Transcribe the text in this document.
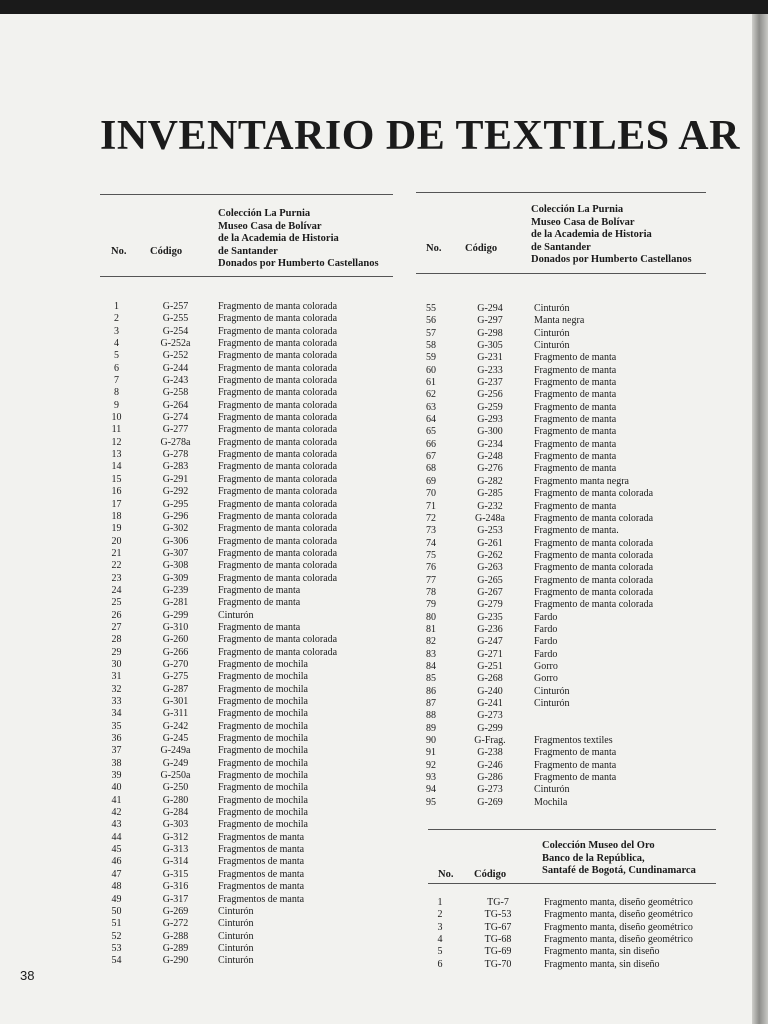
INVENTARIO DE TEXTILES AR
Colección La Purnia
Museo Casa de Bolívar
de la Academia de Historia
de Santander
Donados por Humberto Castellanos
No. Código
1	G-257	Fragmento de manta colorada
2	G-255	Fragmento de manta colorada
3	G-254	Fragmento de manta colorada
4	G-252a	Fragmento de manta colorada
5	G-252	Fragmento de manta colorada
6	G-244	Fragmento de manta colorada
7	G-243	Fragmento de manta colorada
8	G-258	Fragmento de manta colorada
9	G-264	Fragmento de manta colorada
10	G-274	Fragmento de manta colorada
11	G-277	Fragmento de manta colorada
12	G-278a	Fragmento de manta colorada
13	G-278	Fragmento de manta colorada
14	G-283	Fragmento de manta colorada
15	G-291	Fragmento de manta colorada
16	G-292	Fragmento de manta colorada
17	G-295	Fragmento de manta colorada
18	G-296	Fragmento de manta colorada
19	G-302	Fragmento de manta colorada
20	G-306	Fragmento de manta colorada
21	G-307	Fragmento de manta colorada
22	G-308	Fragmento de manta colorada
23	G-309	Fragmento de manta colorada
24	G-239	Fragmento de manta
25	G-281	Fragmento de manta
26	G-299	Cinturón
27	G-310	Fragmento de manta
28	G-260	Fragmento de manta colorada
29	G-266	Fragmento de manta colorada
30	G-270	Fragmento de mochila
31	G-275	Fragmento de mochila
32	G-287	Fragmento de mochila
33	G-301	Fragmento de mochila
34	G-311	Fragmento de mochila
35	G-242	Fragmento de mochila
36	G-245	Fragmento de mochila
37	G-249a	Fragmento de mochila
38	G-249	Fragmento de mochila
39	G-250a	Fragmento de mochila
40	G-250	Fragmento de mochila
41	G-280	Fragmento de mochila
42	G-284	Fragmento de mochila
43	G-303	Fragmento de mochila
44	G-312	Fragmentos de manta
45	G-313	Fragmentos de manta
46	G-314	Fragmentos de manta
47	G-315	Fragmentos de manta
48	G-316	Fragmentos de manta
49	G-317	Fragmentos de manta
50	G-269	Cinturón
51	G-272	Cinturón
52	G-288	Cinturón
53	G-289	Cinturón
54	G-290	Cinturón
Colección La Purnia
Museo Casa de Bolívar
de la Academia de Historia
de Santander
Donados por Humberto Castellanos
No. Código
55	G-294	Cinturón
56	G-297	Manta negra
57	G-298	Cinturón
58	G-305	Cinturón
59	G-231	Fragmento de manta
60	G-233	Fragmento de manta
61	G-237	Fragmento de manta
62	G-256	Fragmento de manta
63	G-259	Fragmento de manta
64	G-293	Fragmento de manta
65	G-300	Fragmento de manta
66	G-234	Fragmento de manta
67	G-248	Fragmento de manta
68	G-276	Fragmento de manta
69	G-282	Fragmento manta negra
70	G-285	Fragmento de manta colorada
71	G-232	Fragmento de manta
72	G-248a	Fragmento de manta colorada
73	G-253	Fragmento de manta.
74	G-261	Fragmento de manta colorada
75	G-262	Fragmento de manta colorada
76	G-263	Fragmento de manta colorada
77	G-265	Fragmento de manta colorada
78	G-267	Fragmento de manta colorada
79	G-279	Fragmento de manta colorada
80	G-235	Fardo
81	G-236	Fardo
82	G-247	Fardo
83	G-271	Fardo
84	G-251	Gorro
85	G-268	Gorro
86	G-240	Cinturón
87	G-241	Cinturón
88	G-273	
89	G-299	
90	G-Frag.	Fragmentos textiles
91	G-238	Fragmento de manta
92	G-246	Fragmento de manta
93	G-286	Fragmento de manta
94	G-273	Cinturón
95	G-269	Mochila
Colección Museo del Oro
Banco de la República,
Santafé de Bogotá, Cundinamarca
No. Código
1	TG-7	Fragmento manta, diseño geométrico
2	TG-53	Fragmento manta, diseño geométrico
3	TG-67	Fragmento manta, diseño geométrico
4	TG-68	Fragmento manta, diseño geométrico
5	TG-69	Fragmento manta, sin diseño
6	TG-70	Fragmento manta, sin diseño
38
